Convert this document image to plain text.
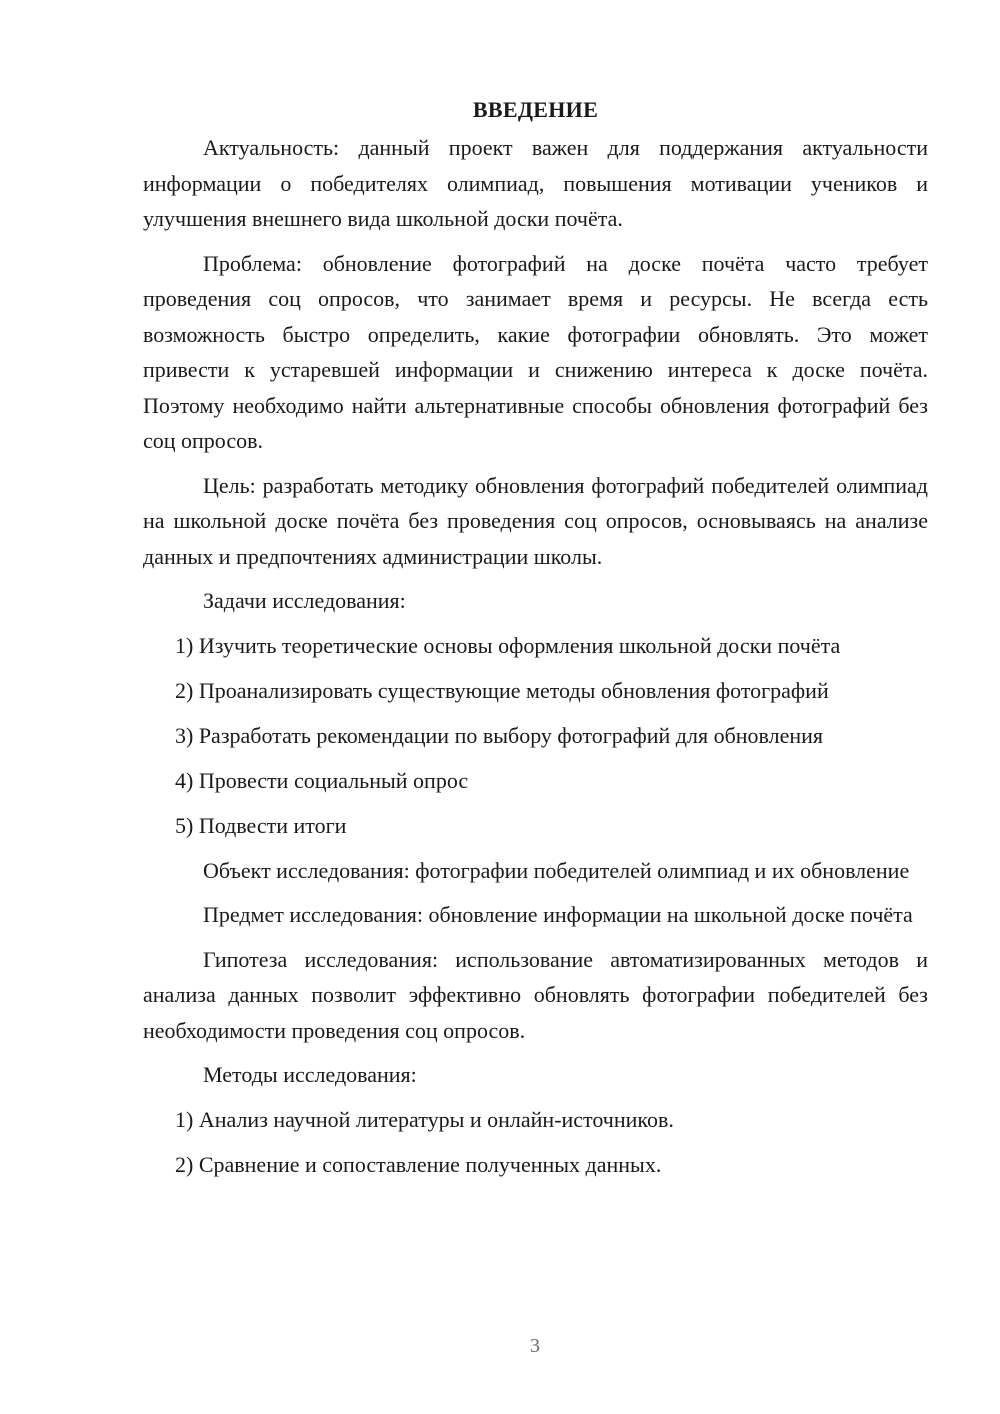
ВВЕДЕНИЕ

Актуальность: данный проект важен для поддержания актуальности информации о победителях олимпиад, повышения мотивации учеников и улучшения внешнего вида школьной доски почёта.

Проблема: обновление фотографий на доске почёта часто требует проведения соц опросов, что занимает время и ресурсы. Не всегда есть возможность быстро определить, какие фотографии обновлять. Это может привести к устаревшей информации и снижению интереса к доске почёта. Поэтому необходимо найти альтернативные способы обновления фотографий без соц опросов.

Цель: разработать методику обновления фотографий победителей олимпиад на школьной доске почёта без проведения соц опросов, основываясь на анализе данных и предпочтениях администрации школы.

Задачи исследования:

1) Изучить теоретические основы оформления школьной доски почёта
2) Проанализировать существующие методы обновления фотографий
3) Разработать рекомендации по выбору фотографий для обновления
4) Провести социальный опрос
5) Подвести итоги

Объект исследования: фотографии победителей олимпиад и их обновление

Предмет исследования: обновление информации на школьной доске почёта

Гипотеза исследования: использование автоматизированных методов и анализа данных позволит эффективно обновлять фотографии победителей без необходимости проведения соц опросов.

Методы исследования:

1) Анализ научной литературы и онлайн-источников.
2) Сравнение и сопоставление полученных данных.
3
